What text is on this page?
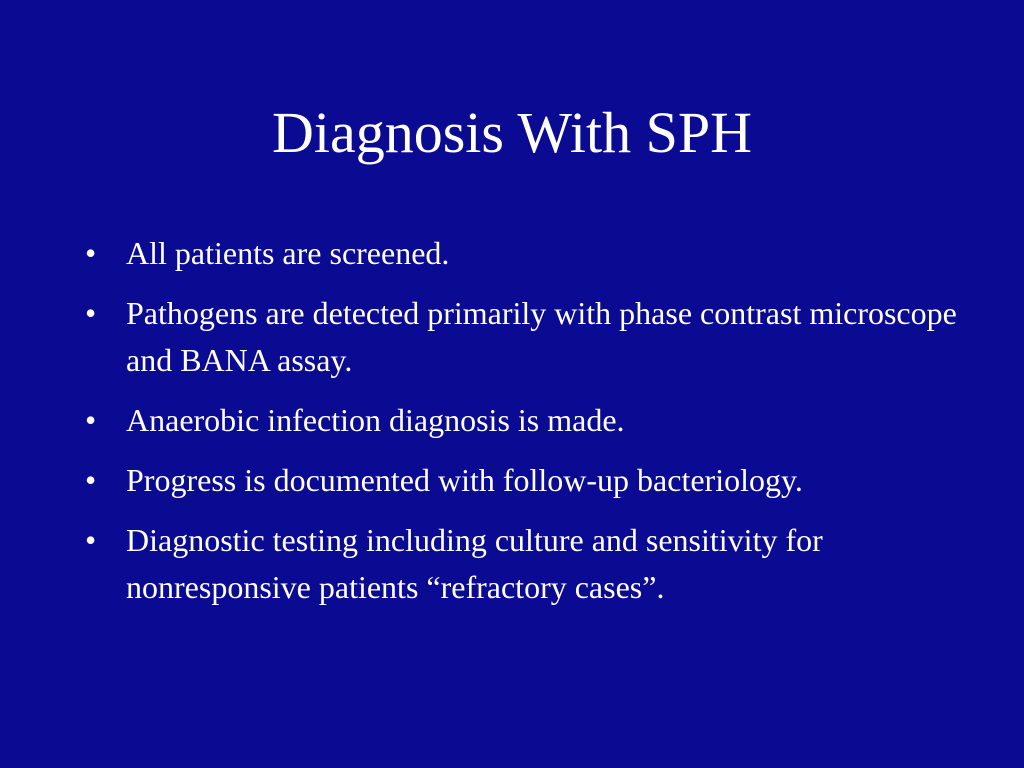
Diagnosis With SPH
• All patients are screened.
• Pathogens are detected primarily with phase contrast microscope and BANA assay.
• Anaerobic infection diagnosis is made.
• Progress is documented with follow-up bacteriology.
• Diagnostic testing including culture and sensitivity for nonresponsive patients “refractory cases”.
